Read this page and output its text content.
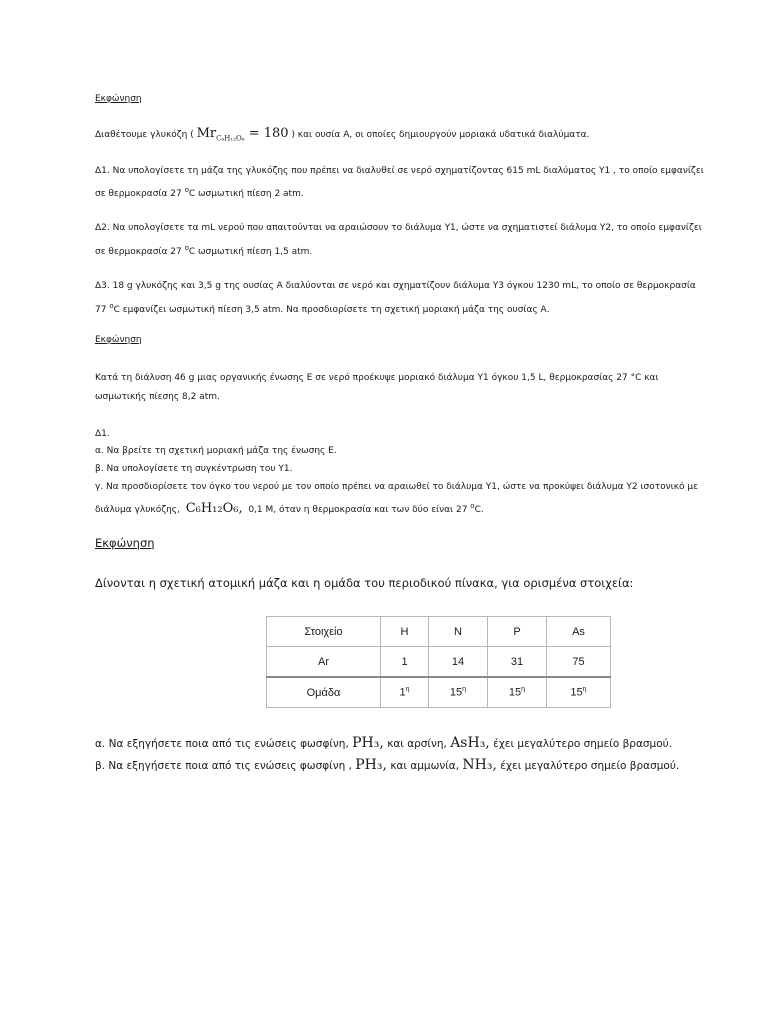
Εκφώνηση
Διαθέτουμε γλυκόζη ( $Mr_{C_6H_{12}O_6} = 180$ ) και ουσία Α, οι οποίες δημιουργούν μοριακά υδατικά διαλύματα.
Δ1. Να υπολογίσετε τη μάζα της γλυκόζης που πρέπει να διαλυθεί σε νερό σχηματίζοντας 615 mL διαλύματος Υ1 , το οποίο εμφανίζει
σε θερμοκρασία 27 $^o$C ωσμωτική πίεση 2 atm.
Δ2. Να υπολογίσετε τα mL νερού που απαιτούνται να αραιώσουν το διάλυμα Υ1, ώστε να σχηματιστεί διάλυμα Υ2, το οποίο εμφανίζει
σε θερμοκρασία 27 $^o$C ωσμωτική πίεση 1,5 atm.
Δ3. 18 g γλυκόζης και 3,5 g της ουσίας Α διαλύονται σε νερό και σχηματίζουν διάλυμα Υ3 όγκου 1230 mL, το οποίο σε θερμοκρασία
77 $^o$C εμφανίζει ωσμωτική πίεση 3,5 atm. Να προσδιορίσετε τη σχετική μοριακή μάζα της ουσίας Α.
Εκφώνηση
Κατά τη διάλυση 46 g μιας οργανικής ένωσης Ε σε νερό προέκυψε μοριακό διάλυμα Υ1 όγκου 1,5 L, θερμοκρασίας 27 °C και
ωσμωτικής πίεσης 8,2 atm.
Δ1.
α. Να βρείτε τη σχετική μοριακή μάζα της ένωσης Ε.
β. Να υπολογίσετε τη συγκέντρωση του Υ1.
γ. Να προσδιορίσετε τον όγκο του νερού με τον οποίο πρέπει να αραιωθεί το διάλυμα Υ1, ώστε να προκύψει διάλυμα Υ2 ισοτονικό με
διάλυμα γλυκόζης, C₆H₁₂O₆, 0,1 M, όταν η θερμοκρασία και των δύο είναι 27 $^o$C.
Εκφώνηση
Δίνονται η σχετική ατομική μάζα και η ομάδα του περιοδικού πίνακα, για ορισμένα στοιχεία:
Στοιχείο	H	N	P	As
Ar	1	14	31	75
Ομάδα	$1^\eta$	$15^\eta$	$15^\eta$	$15^\eta$
α. Να εξηγήσετε ποια από τις ενώσεις φωσφίνη, PH₃, και αρσίνη, AsH₃, έχει μεγαλύτερο σημείο βρασμού.
β. Να εξηγήσετε ποια από τις ενώσεις φωσφίνη , PH₃, και αμμωνία, NH₃, έχει μεγαλύτερο σημείο βρασμού.
